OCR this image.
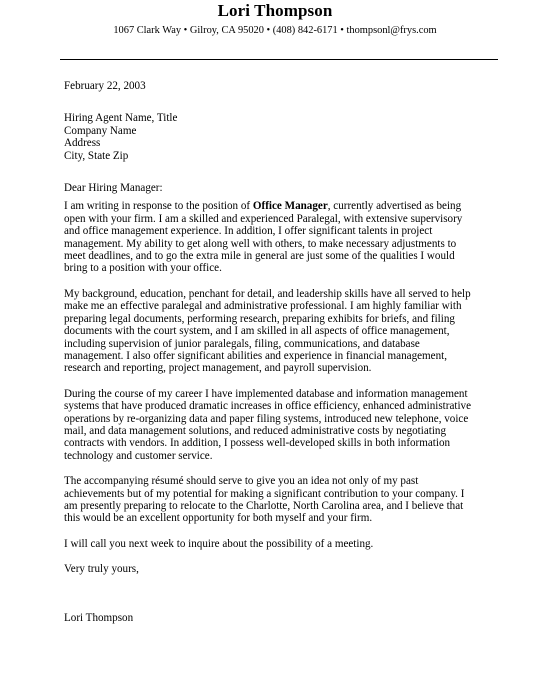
Lori Thompson
1067 Clark Way • Gilroy, CA 95020 • (408) 842-6171 • thompsonl@frys.com
February 22, 2003
Hiring Agent Name, Title
Company Name
Address
City, State Zip
Dear Hiring Manager:
I am writing in response to the position of Office Manager, currently advertised as being
open with your firm. I am a skilled and experienced Paralegal, with extensive supervisory
and office management experience. In addition, I offer significant talents in project
management. My ability to get along well with others, to make necessary adjustments to
meet deadlines, and to go the extra mile in general are just some of the qualities I would
bring to a position with your office.
My background, education, penchant for detail, and leadership skills have all served to help
make me an effective paralegal and administrative professional. I am highly familiar with
preparing legal documents, performing research, preparing exhibits for briefs, and filing
documents with the court system, and I am skilled in all aspects of office management,
including supervision of junior paralegals, filing, communications, and database
management. I also offer significant abilities and experience in financial management,
research and reporting, project management, and payroll supervision.
During the course of my career I have implemented database and information management
systems that have produced dramatic increases in office efficiency, enhanced administrative
operations by re-organizing data and paper filing systems, introduced new telephone, voice
mail, and data management solutions, and reduced administrative costs by negotiating
contracts with vendors. In addition, I possess well-developed skills in both information
technology and customer service.
The accompanying résumé should serve to give you an idea not only of my past
achievements but of my potential for making a significant contribution to your company. I
am presently preparing to relocate to the Charlotte, North Carolina area, and I believe that
this would be an excellent opportunity for both myself and your firm.
I will call you next week to inquire about the possibility of a meeting.
Very truly yours,
Lori Thompson
